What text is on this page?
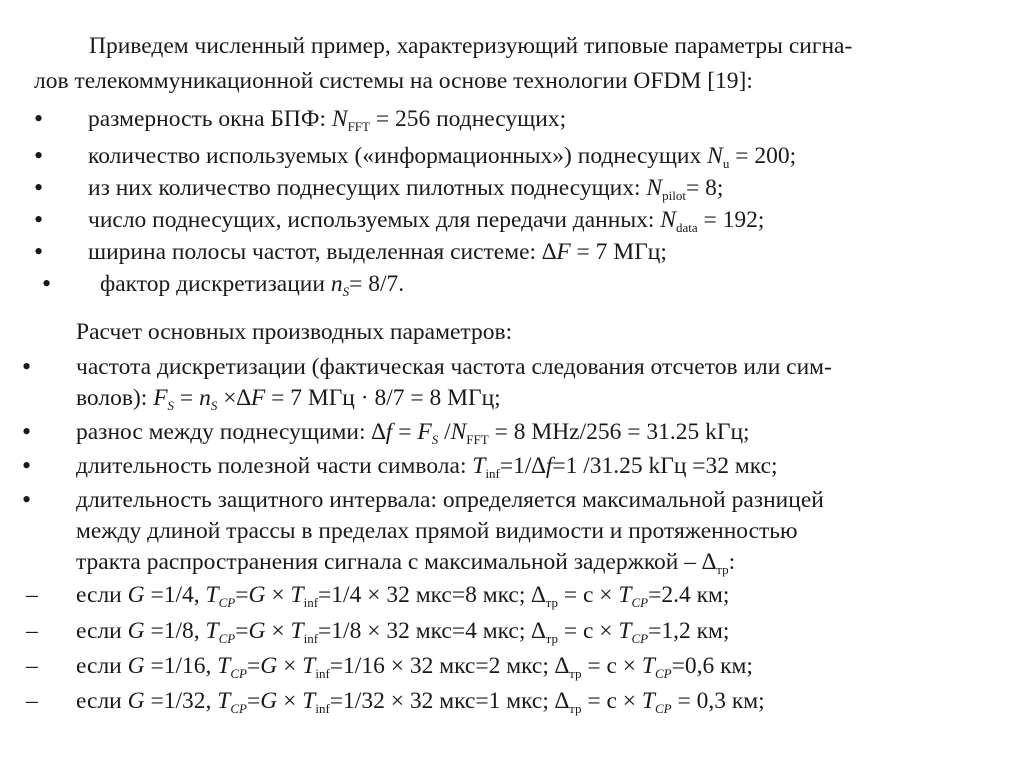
Приведем численный пример, характеризующий типовые параметры сигна-
лов телекоммуникационной системы на основе технологии OFDM [19]:
• размерность окна БПФ: $N_{FFT} = 256$ поднесущих;
• количество используемых («информационных») поднесущих $N_u = 200$;
• из них количество поднесущих пилотных поднесущих: $N_{pilot}= 8$;
• число поднесущих, используемых для передачи данных: $N_{data} = 192$;
• ширина полосы частот, выделенная системе: ∆F = 7 МГц;
• фактор дискретизации $n_S= 8/7$.
Расчет основных производных параметров:
• частота дискретизации (фактическая частота следования отсчетов или сим-
волов): $F_S = n_S \times\Delta F = 7$ МГц · 8/7 = 8 МГц;
• разнос между поднесущими: $\Delta f = F_S$ $/N_{FFT} = 8$ MHz/256 = 31.25 kГц;
• длительность полезной части символа: $T_{inf}=1/\Delta f=1$ /31.25 kГц =32 мкс;
• длительность защитного интервала: определяется максимальной разницей
между длиной трассы в пределах прямой видимости и протяженностью
тракта распространения сигнала с максимальной задержкой – $\Delta_{тр}$:
– если G =1/4, $T_{CP}=G \times T_{inf}=1/4 \times 32$ мкс=8 мкс; $\Delta_{тр} = c \times T_{CP}=2.4$ км;
– если G =1/8, $T_{CP}=G \times T_{inf}=1/8 \times 32$ мкс=4 мкс; $\Delta_{тр} = c \times T_{CP}=1,2$ км;
– если G =1/16, $T_{CP}=G \times T_{inf}=1/16 \times 32$ мкс=2 мкс; $\Delta_{тр} = c \times T_{CP}=0,6$ км;
– если G =1/32, $T_{CP}=G \times T_{inf}=1/32 \times 32$ мкс=1 мкс; $\Delta_{тр} = c \times T_{CP} = 0,3$ км;
